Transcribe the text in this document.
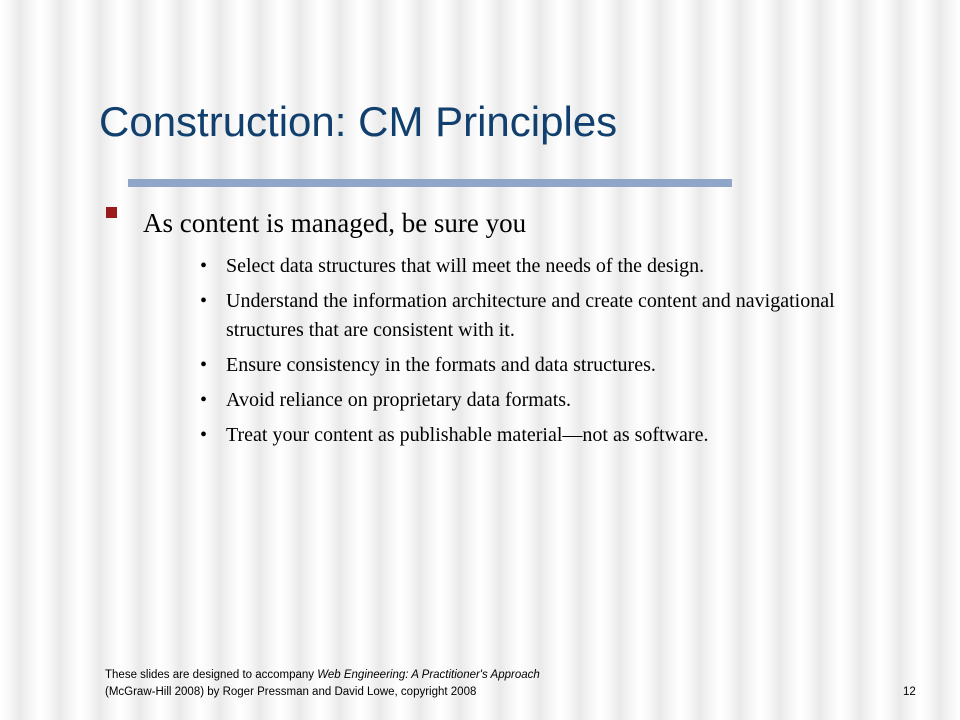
Construction: CM Principles
As content is managed, be sure you
• Select data structures that will meet the needs of the design.
• Understand the information architecture and create content and navigational structures that are consistent with it.
• Ensure consistency in the formats and data structures.
• Avoid reliance on proprietary data formats.
• Treat your content as publishable material—not as software.
These slides are designed to accompany Web Engineering: A Practitioner's Approach
(McGraw-Hill 2008) by Roger Pressman and David Lowe, copyright 2008	12
